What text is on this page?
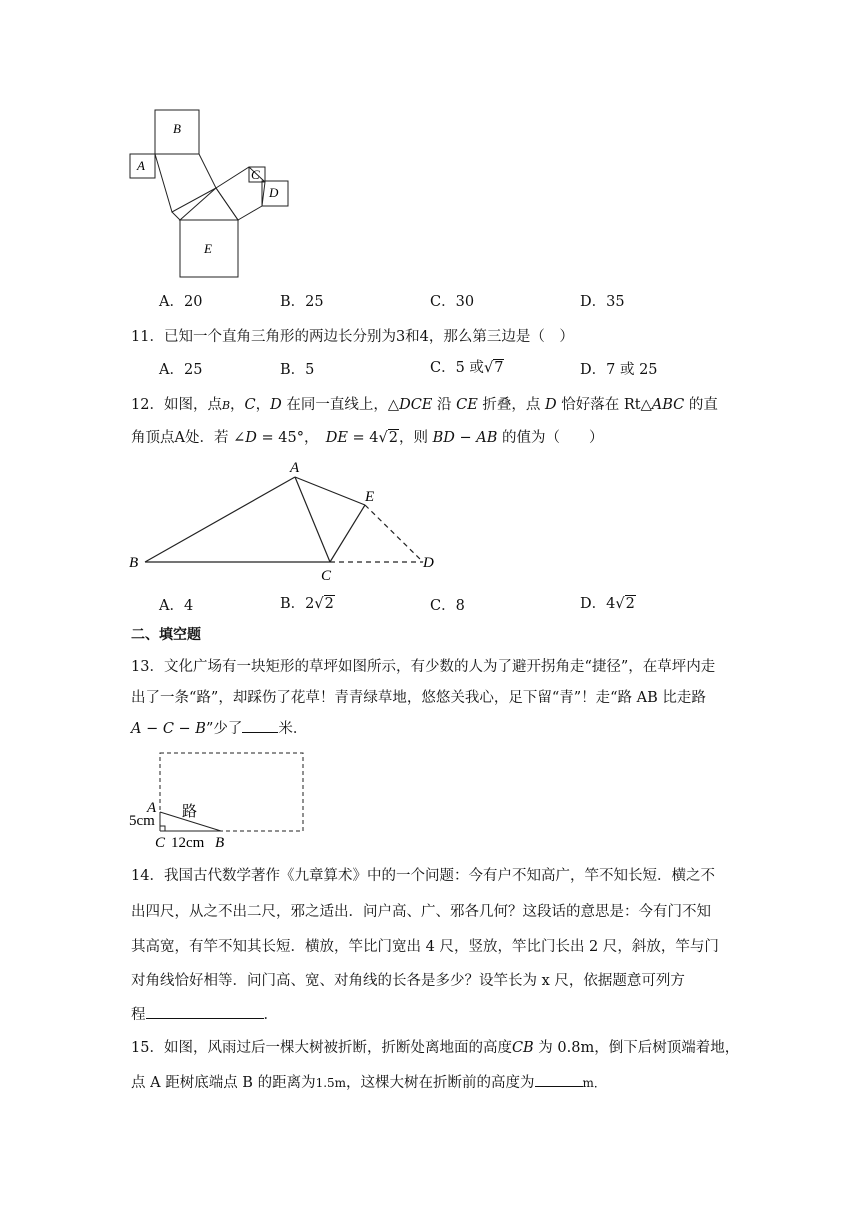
B
A
C
D
E
A．20	B．25	C．30	D．35
11．已知一个直角三角形的两边长分别为3和4，那么第三边是（　）
A．25	B．5	C．5 或√7	D．7 或 25
12．如图，点B，C，D 在同一直线上，△DCE 沿 CE 折叠，点 D 恰好落在 Rt△ABC 的直
角顶点A处．若 ∠D = 45°，　DE = 4√2，则 BD − AB 的值为（　　）
A
B
C
D
E
A．4	B．2√2	C．8	D．4√2
二、填空题
13．文化广场有一块矩形的草坪如图所示，有少数的人为了避开拐角走“捷径”，在草坪内走
出了一条“路”，却踩伤了花草！青青绿草地，悠悠关我心，足下留“青”！走“路 AB 比走路
A − C − B”少了 米．
A 路
5cm
C 12cm B
14．我国古代数学著作《九章算术》中的一个问题：今有户不知高广，竿不知长短．横之不
出四尺，从之不出二尺，邪之适出．问户高、广、邪各几何？这段话的意思是：今有门不知
其高宽，有竿不知其长短．横放，竿比门宽出 4 尺，竖放，竿比门长出 2 尺，斜放，竿与门
对角线恰好相等．问门高、宽、对角线的长各是多少？设竿长为 x 尺，依据题意可列方
程	．
15．如图，风雨过后一棵大树被折断，折断处离地面的高度CB 为 0.8m，倒下后树顶端着地，
点 A 距树底端点 B 的距离为1.5m，这棵大树在折断前的高度为	m．
